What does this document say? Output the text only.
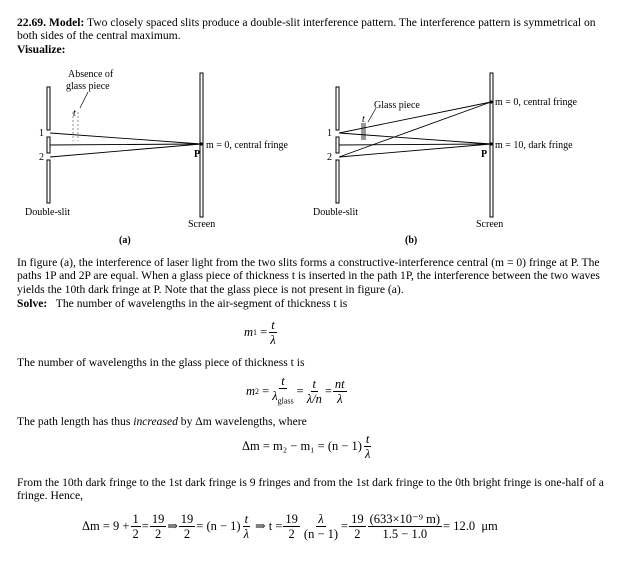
22.69. Model: Two closely spaced slits produce a double-slit interference pattern. The interference pattern is symmetrical on both sides of the central maximum.
Visualize:
Absence of
glass piece
t
1
2
m = 0, central fringe
P
Double-slit
Screen
(a)
Glass piece
t
1
2
m = 0, central fringe
m = 10, dark fringe
P
Double-slit
Screen
(b)
In figure (a), the interference of laser light from the two slits forms a constructive-interference central (m = 0) fringe at P. The paths 1P and 2P are equal. When a glass piece of thickness t is inserted in the path 1P, the interference between the two waves yields the 10th dark fringe at P. Note that the glass piece is not present in figure (a).
Solve: The number of wavelengths in the air-segment of thickness t is
m 1
= $\frac{t}{\lambda}$
The number of wavelengths in the glass piece of thickness t is
m 2
= $\frac{t}{\lambda_{glass}} = \frac{t}{\lambda/n} = \frac{nt}{\lambda}$
The path length has thus increased by Δm wavelengths, where
$\Delta m = m_2 - m_1 = (n - 1) \frac{t}{\lambda}$
From the 10th dark fringe to the 1st dark fringe is 9 fringes and from the 1st dark fringe to the 0th bright fringe is one-half of a fringe. Hence,
$\Delta m = 9 + \frac{1}{2} = \frac{19}{2}$ ⇒ $\frac{19}{2} = (n - 1) \frac{t}{\lambda}$
⇒ $t = \frac{19}{2} \frac{\lambda}{(n - 1)} = \frac{19}{2} \frac{\text{(633×10⁻⁹ m)}}{1.5 - 1.0} = 12.0$
μm
